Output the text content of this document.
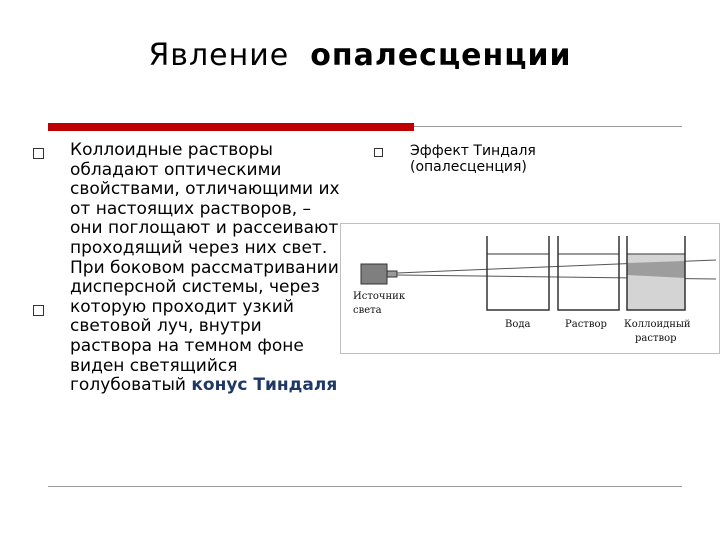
Явление опалесценции

Коллоидные растворы обладают оптическими свойствами, отличающими их от настоящих растворов, – они поглощают и рассеивают проходящий через них свет.

При боковом рассматривании дисперсной системы, через которую проходит узкий световой луч, внутри раствора на темном фоне виден светящийся голубоватый конус Тиндаля

Эффект Тиндаля

(опалесценция)

Источник
света
Вода	Раствор Коллоидный
раствор
